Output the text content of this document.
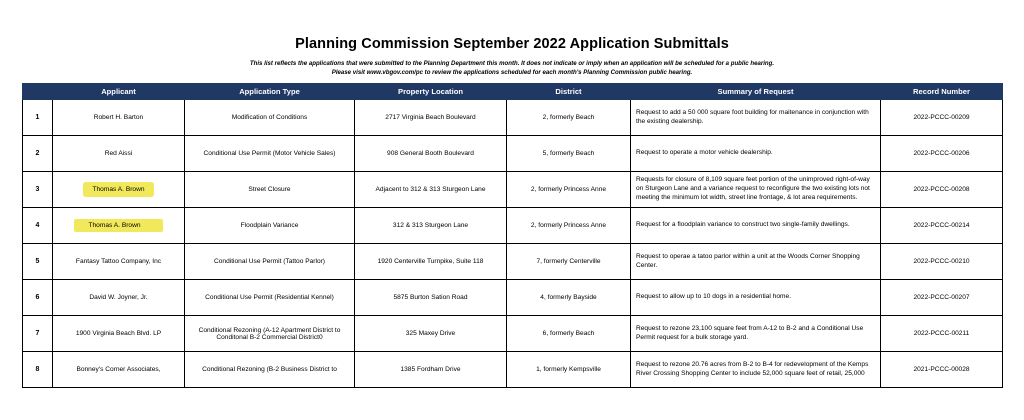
Planning Commission September 2022 Application Submittals
This list reflects the applications that were submitted to the Planning Department this month. It does not indicate or imply when an application will be scheduled for a public hearing.
Please visit www.vbgov.com/pc to review the applications scheduled for each month's Planning Commission public hearing.
	Applicant	Application Type	Property Location	District	Summary of Request	Record Number
1	Robert H. Barton	Modification of Conditions	2717 Virginia Beach Boulevard	2, formerly Beach	Request to add a 50 000 square foot building for maitenance in conjunction with the existing dealership.	2022-PCCC-00209
2	Red Aissi	Conditional Use Permit (Motor Vehicle Sales)	908 General Booth Boulevard	5, formerly Beach	Request to operate a motor vehicle dealership.	2022-PCCC-00206
3	Thomas A. Brown	Street Closure	Adjacent to 312 & 313 Sturgeon Lane	2, formerly Princess Anne	Requests for closure of 8,109 square feet portion of the unimproved right-of-way on Sturgeon Lane and a variance request to reconfigure the two existing lots not meeting the minimum lot width, street line frontage, & lot area requirements.	2022-PCCC-00208
4	Thomas A. Brown	Floodplain Variance	312 & 313 Sturgeon Lane	2, formerly Princess Anne	Request for a floodplain variance to construct two single-family dwellings.	2022-PCCC-00214
5	Fantasy Tattoo Company, Inc	Conditional Use Permit (Tattoo Parlor)	1920 Centerville Turnpike, Suite 118	7, formerly Centerville	Request to operae a tatoo parlor within a unit at the Woods Corner Shopping Center.	2022-PCCC-00210
6	David W. Joyner, Jr.	Conditional Use Permit (Residential Kennel)	5875 Burton Sation Road	4, formerly Bayside	Request to allow up to 10 dogs in a residential home.	2022-PCCC-00207
7	1900 Virginia Beach Blvd. LP	Conditional Rezoning (A-12 Apartment District to Conditonal B-2 Commercial District0	325 Maxey Drive	6, formerly Beach	Request to rezone 23,100 square feet from A-12 to B-2 and a Conditional Use Permit request for a bulk storage yard.	2022-PCCC-00211
8	Bonney's Corner Associates,	Conditional Rezoning (B-2 Business District to	1385 Fordham Drive	1, formerly Kempsville	Request to rezone 20.76 acres from B-2 to B-4 for redevelopment of the Kemps River Crossing Shopping Center to include 52,000 square feet of retail, 25,000	2021-PCCC-00028
